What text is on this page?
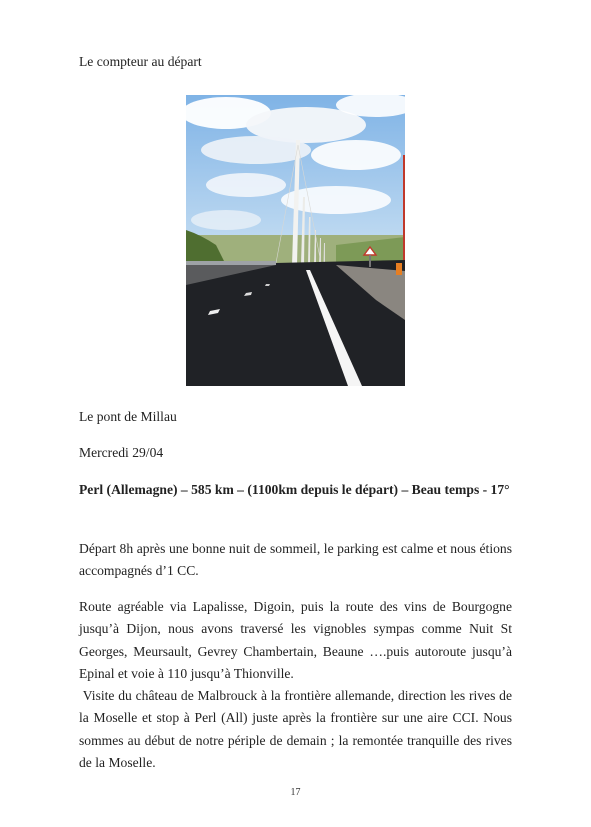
Le compteur au départ

Le pont de Millau

Mercredi 29/04

Perl (Allemagne) – 585 km – (1100km depuis le départ) – Beau temps - 17°

Départ 8h après une bonne nuit de sommeil, le parking est calme et nous étions accompagnés d’1 CC.

Route agréable via Lapalisse, Digoin, puis la route des vins de Bourgogne jusqu’à Dijon, nous avons traversé les vignobles sympas comme Nuit St Georges, Meursault, Gevrey Chambertain, Beaune ….puis autoroute jusqu’à Epinal et voie à 110 jusqu’à Thionville.

Visite du château de Malbrouck à la frontière allemande, direction les rives de la Moselle et stop à Perl (All) juste après la frontière sur une aire CCI. Nous sommes au début de notre périple de demain ; la remontée tranquille des rives de la Moselle.

17
